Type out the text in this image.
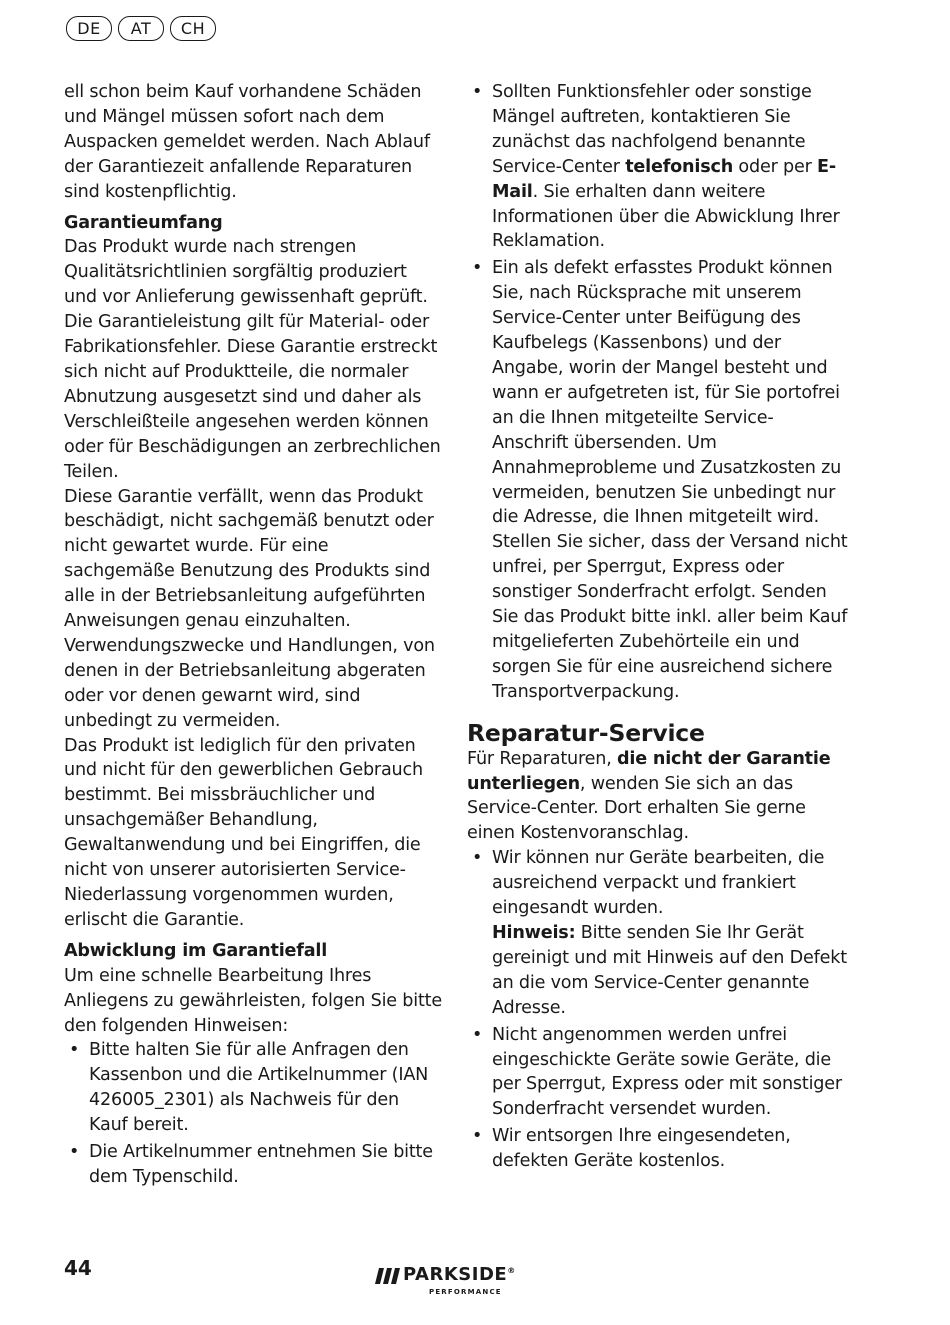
DE	AT	CH

ell schon beim Kauf vorhandene Schäden und Mängel müssen sofort nach dem Auspacken gemeldet werden. Nach Ablauf der Garantiezeit anfallende Reparaturen sind kostenpflichtig.

Garantieumfang

Das Produkt wurde nach strengen Qualitätsrichtlinien sorgfältig produziert und vor Anlieferung gewissenhaft geprüft.

Die Garantieleistung gilt für Material- oder Fabrikationsfehler. Diese Garantie erstreckt sich nicht auf Produktteile, die normaler Abnutzung ausgesetzt sind und daher als Verschleißteile angesehen werden können oder für Beschädigungen an zerbrechlichen Teilen.

Diese Garantie verfällt, wenn das Produkt beschädigt, nicht sachgemäß benutzt oder nicht gewartet wurde. Für eine sachgemäße Benutzung des Produkts sind alle in der Betriebsanleitung aufgeführten Anweisungen genau einzuhalten. Verwendungszwecke und Handlungen, von denen in der Betriebsanleitung abgeraten oder vor denen gewarnt wird, sind unbedingt zu vermeiden.

Das Produkt ist lediglich für den privaten und nicht für den gewerblichen Gebrauch bestimmt. Bei missbräuchlicher und unsachgemäßer Behandlung, Gewaltanwendung und bei Eingriffen, die nicht von unserer autorisierten Service-Niederlassung vorgenommen wurden, erlischt die Garantie.

Abwicklung im Garantiefall

Um eine schnelle Bearbeitung Ihres Anliegens zu gewährleisten, folgen Sie bitte den folgenden Hinweisen:

• Bitte halten Sie für alle Anfragen den Kassenbon und die Artikelnummer (IAN 426005_2301) als Nachweis für den Kauf bereit.
• Die Artikelnummer entnehmen Sie bitte dem Typenschild.
• Sollten Funktionsfehler oder sonstige Mängel auftreten, kontaktieren Sie zunächst das nachfolgend benannte Service-Center telefonisch oder per E-Mail. Sie erhalten dann weitere Informationen über die Abwicklung Ihrer Reklamation.
• Ein als defekt erfasstes Produkt können Sie, nach Rücksprache mit unserem Service-Center unter Beifügung des Kaufbelegs (Kassenbons) und der Angabe, worin der Mangel besteht und wann er aufgetreten ist, für Sie portofrei an die Ihnen mitgeteilte Service-Anschrift übersenden. Um Annahmeprobleme und Zusatzkosten zu vermeiden, benutzen Sie unbedingt nur die Adresse, die Ihnen mitgeteilt wird. Stellen Sie sicher, dass der Versand nicht unfrei, per Sperrgut, Express oder sonstiger Sonderfracht erfolgt. Senden Sie das Produkt bitte inkl. aller beim Kauf mitgelieferten Zubehörteile ein und sorgen Sie für eine ausreichend sichere Transportverpackung.

Reparatur-Service

Für Reparaturen, die nicht der Garantie unterliegen, wenden Sie sich an das Service-Center. Dort erhalten Sie gerne einen Kostenvoranschlag.

• Wir können nur Geräte bearbeiten, die ausreichend verpackt und frankiert eingesandt wurden.

Hinweis: Bitte senden Sie Ihr Gerät gereinigt und mit Hinweis auf den Defekt an die vom Service-Center genannte Adresse.

• Nicht angenommen werden unfrei eingeschickte Geräte sowie Geräte, die per Sperrgut, Express oder mit sonstiger Sonderfracht versendet wurden.
• Wir entsorgen Ihre eingesendeten, defekten Geräte kostenlos.
44	PARKSIDE®
PERFORMANCE
